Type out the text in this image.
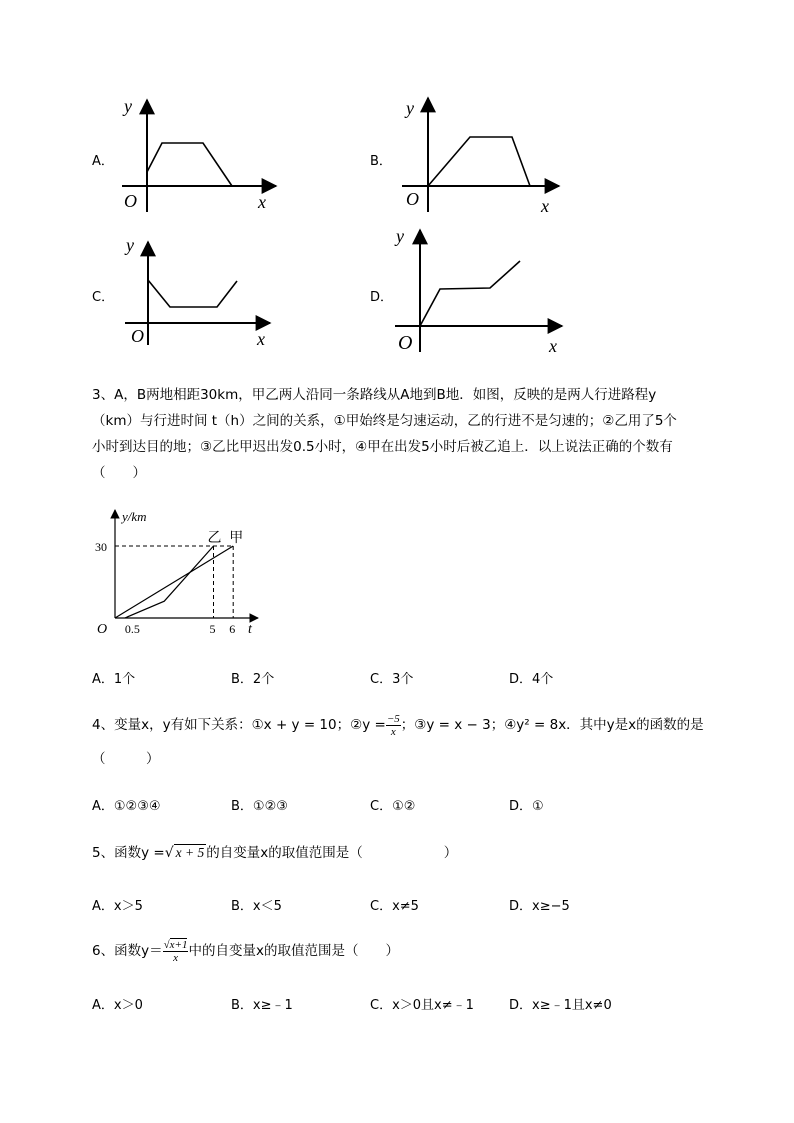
A．
y
O	x
y
O	x
y
O	x
y
O	x
B．
C．	D．
3、A，B两地相距30km，甲乙两人沿同一条路线从A地到B地．如图，反映的是两人行进路程y
（km）与行进时间 t（h）之间的关系，①甲始终是匀速运动，乙的行进不是匀速的；②乙用了5个
小时到达目的地；③乙比甲迟出发0.5小时，④甲在出发5小时后被乙追上．以上说法正确的个数有
（　　）
甲
乙
0.5	5 6
30
y/km
O	t
A．1个	B．2个	C．3个	D．4个
4、变量x，y有如下关系：①x + y = 10；②y = $\frac{-5}{x}$ ；③y = x − 3；④y² = 8x．其中y是x的函数的是
（　　　）
A．①②③④	B．①②③	C．①②	D．①
5、函数y =√ x + 5 的自变量x的取值范围是（　　　　　　）
A．x＞5	B．x＜5	C．x≠5	D．x≥−5
6、函数$y= \frac{√x+1}{x}$ 中的自变量x的取值范围是（　　）
A．x＞0	B．x≥﹣1	C．x＞0且x≠﹣1	D．x≥﹣1且x≠0
